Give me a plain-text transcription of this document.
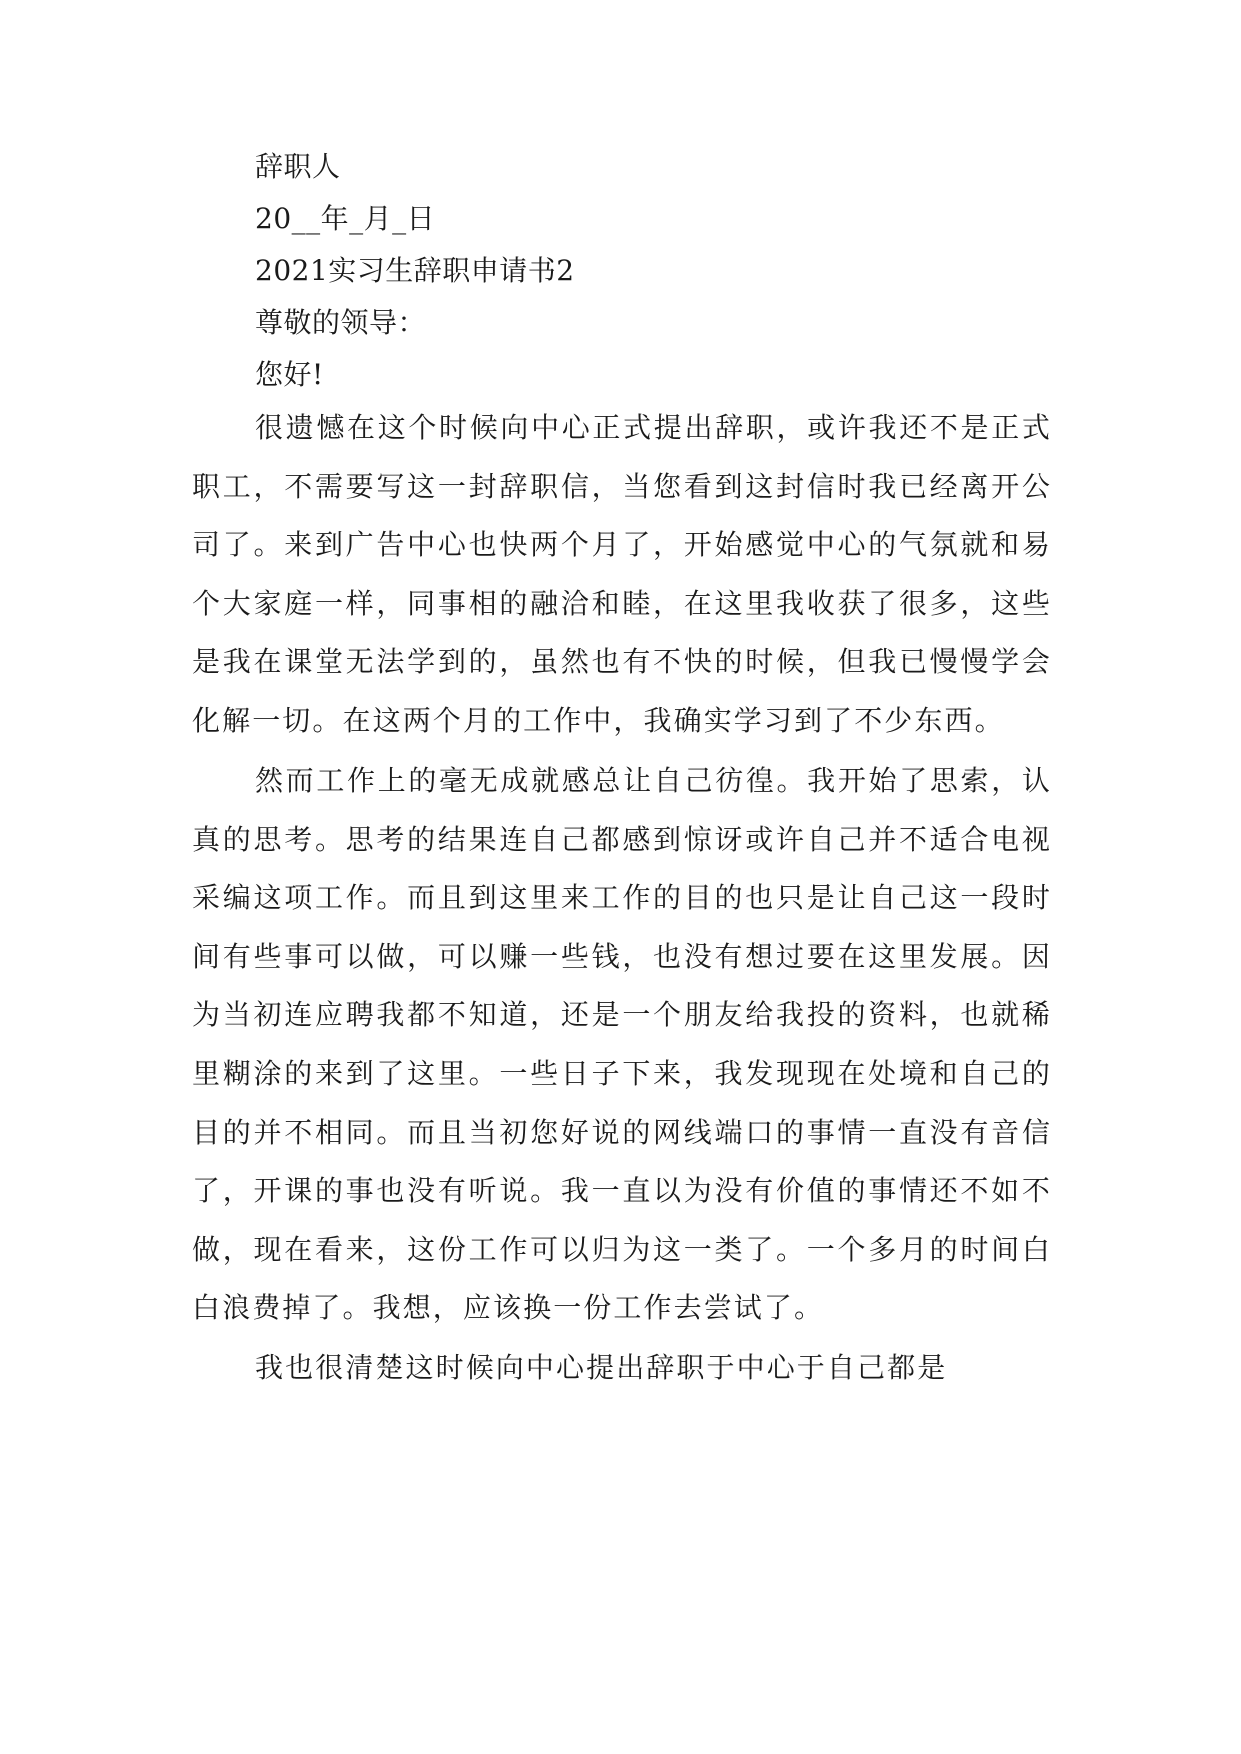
辞职人
20__年_月_日
2021实习生辞职申请书2
尊敬的领导：
您好!

很遗憾在这个时候向中心正式提出辞职，或许我还不是正式职工，不需要写这一封辞职信，当您看到这封信时我已经离开公司了。来到广告中心也快两个月了，开始感觉中心的气氛就和易个大家庭一样，同事相的融洽和睦，在这里我收获了很多，这些是我在课堂无法学到的，虽然也有不快的时候，但我已慢慢学会化解一切。在这两个月的工作中，我确实学习到了不少东西。

然而工作上的毫无成就感总让自己彷徨。我开始了思索，认真的思考。思考的结果连自己都感到惊讶或许自己并不适合电视采编这项工作。而且到这里来工作的目的也只是让自己这一段时间有些事可以做，可以赚一些钱，也没有想过要在这里发展。因为当初连应聘我都不知道，还是一个朋友给我投的资料，也就稀里糊涂的来到了这里。一些日子下来，我发现现在处境和自己的目的并不相同。而且当初您好说的网线端口的事情一直没有音信了，开课的事也没有听说。我一直以为没有价值的事情还不如不做，现在看来，这份工作可以归为这一类了。一个多月的时间白白浪费掉了。我想，应该换一份工作去尝试了。

我也很清楚这时候向中心提出辞职于中心于自己都是
